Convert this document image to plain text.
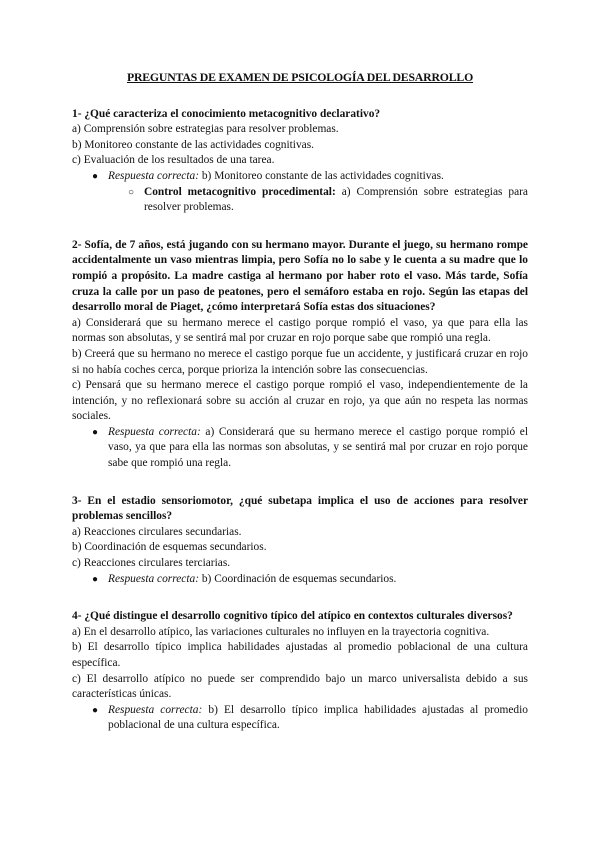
PREGUNTAS DE EXAMEN DE PSICOLOGÍA DEL DESARROLLO

1- ¿Qué caracteriza el conocimiento metacognitivo declarativo?

a) Comprensión sobre estrategias para resolver problemas.

b) Monitoreo constante de las actividades cognitivas.

c) Evaluación de los resultados de una tarea.

● Respuesta correcta: b) Monitoreo constante de las actividades cognitivas.
○ Control metacognitivo procedimental: a) Comprensión sobre estrategias para resolver problemas.

2- Sofía, de 7 años, está jugando con su hermano mayor. Durante el juego, su hermano rompe accidentalmente un vaso mientras limpia, pero Sofía no lo sabe y le cuenta a su madre que lo rompió a propósito. La madre castiga al hermano por haber roto el vaso. Más tarde, Sofía cruza la calle por un paso de peatones, pero el semáforo estaba en rojo. Según las etapas del desarrollo moral de Piaget, ¿cómo interpretará Sofía estas dos situaciones?

a) Considerará que su hermano merece el castigo porque rompió el vaso, ya que para ella las normas son absolutas, y se sentirá mal por cruzar en rojo porque sabe que rompió una regla.

b) Creerá que su hermano no merece el castigo porque fue un accidente, y justificará cruzar en rojo si no había coches cerca, porque prioriza la intención sobre las consecuencias.

c) Pensará que su hermano merece el castigo porque rompió el vaso, independientemente de la intención, y no reflexionará sobre su acción al cruzar en rojo, ya que aún no respeta las normas sociales.

● Respuesta correcta: a) Considerará que su hermano merece el castigo porque rompió el vaso, ya que para ella las normas son absolutas, y se sentirá mal por cruzar en rojo porque sabe que rompió una regla.

3- En el estadio sensoriomotor, ¿qué subetapa implica el uso de acciones para resolver problemas sencillos?

a) Reacciones circulares secundarias.

b) Coordinación de esquemas secundarios.

c) Reacciones circulares terciarias.

● Respuesta correcta: b) Coordinación de esquemas secundarios.

4- ¿Qué distingue el desarrollo cognitivo típico del atípico en contextos culturales diversos?

a) En el desarrollo atípico, las variaciones culturales no influyen en la trayectoria cognitiva.

b) El desarrollo típico implica habilidades ajustadas al promedio poblacional de una cultura específica.

c) El desarrollo atípico no puede ser comprendido bajo un marco universalista debido a sus características únicas.

● Respuesta correcta: b) El desarrollo típico implica habilidades ajustadas al promedio poblacional de una cultura específica.
